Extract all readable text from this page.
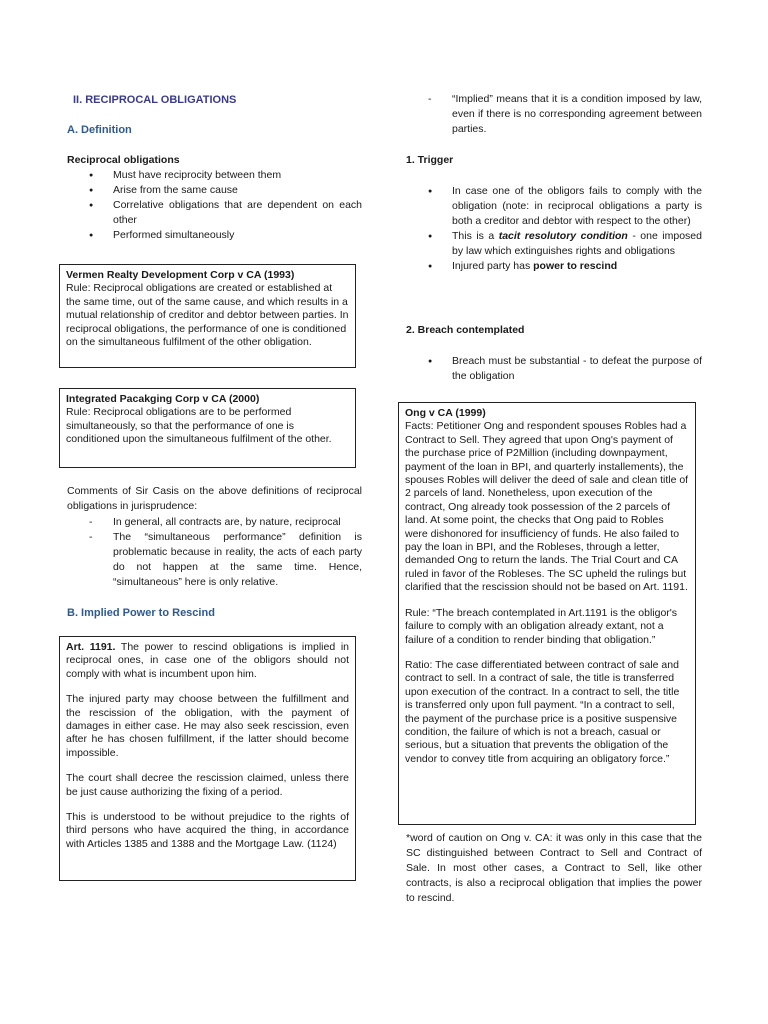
II. RECIPROCAL OBLIGATIONS
A. Definition
Reciprocal obligations
● Must have reciprocity between them
● Arise from the same cause
● Correlative obligations that are dependent on each other
● Performed simultaneously

Vermen Realty Development Corp v CA (1993)

Rule: Reciprocal obligations are created or established at the same time, out of the same cause, and which results in a mutual relationship of creditor and debtor between parties. In reciprocal obligations, the performance of one is conditioned on the simultaneous fulfilment of the other obligation.

Integrated Pacakging Corp v CA (2000)

Rule: Reciprocal obligations are to be performed simultaneously, so that the performance of one is conditioned upon the simultaneous fulfilment of the other.

Comments of Sir Casis on the above definitions of reciprocal obligations in jurisprudence:
- In general, all contracts are, by nature, reciprocal
- The “simultaneous performance” definition is problematic because in reality, the acts of each party do not happen at the same time. Hence, “simultaneous” here is only relative.
B. Implied Power to Rescind

Art. 1191. The power to rescind obligations is implied in reciprocal ones, in case one of the obligors should not comply with what is incumbent upon him.

The injured party may choose between the fulfillment and the rescission of the obligation, with the payment of damages in either case. He may also seek rescission, even after he has chosen fulfillment, if the latter should become impossible.

The court shall decree the rescission claimed, unless there be just cause authorizing the fixing of a period.

This is understood to be without prejudice to the rights of third persons who have acquired the thing, in accordance with Articles 1385 and 1388 and the Mortgage Law. (1124)

- “Implied” means that it is a condition imposed by law, even if there is no corresponding agreement between parties.
1. Trigger
● In case one of the obligors fails to comply with the obligation (note: in reciprocal obligations a party is both a creditor and debtor with respect to the other)
● This is a tacit resolutory condition - one imposed by law which extinguishes rights and obligations
● Injured party has power to rescind
2. Breach contemplated
● Breach must be substantial - to defeat the purpose of the obligation

Ong v CA (1999)

Facts: Petitioner Ong and respondent spouses Robles had a Contract to Sell. They agreed that upon Ong's payment of the purchase price of P2Million (including downpayment, payment of the loan in BPI, and quarterly installements), the spouses Robles will deliver the deed of sale and clean title of 2 parcels of land. Nonetheless, upon execution of the contract, Ong already took possession of the 2 parcels of land. At some point, the checks that Ong paid to Robles were dishonored for insufficiency of funds. He also failed to pay the loan in BPI, and the Robleses, through a letter, demanded Ong to return the lands. The Trial Court and CA ruled in favor of the Robleses. The SC upheld the rulings but clarified that the rescission should not be based on Art. 1191.

Rule: “The breach contemplated in Art.1191 is the obligor's failure to comply with an obligation already extant, not a failure of a condition to render binding that obligation.”

Ratio: The case differentiated between contract of sale and contract to sell. In a contract of sale, the title is transferred upon execution of the contract. In a contract to sell, the title is transferred only upon full payment. “In a contract to sell, the payment of the purchase price is a positive suspensive condition, the failure of which is not a breach, casual or serious, but a situation that prevents the obligation of the vendor to convey title from acquiring an obligatory force.”

*word of caution on Ong v. CA: it was only in this case that the SC distinguished between Contract to Sell and Contract of Sale. In most other cases, a Contract to Sell, like other contracts, is also a reciprocal obligation that implies the power to rescind.
